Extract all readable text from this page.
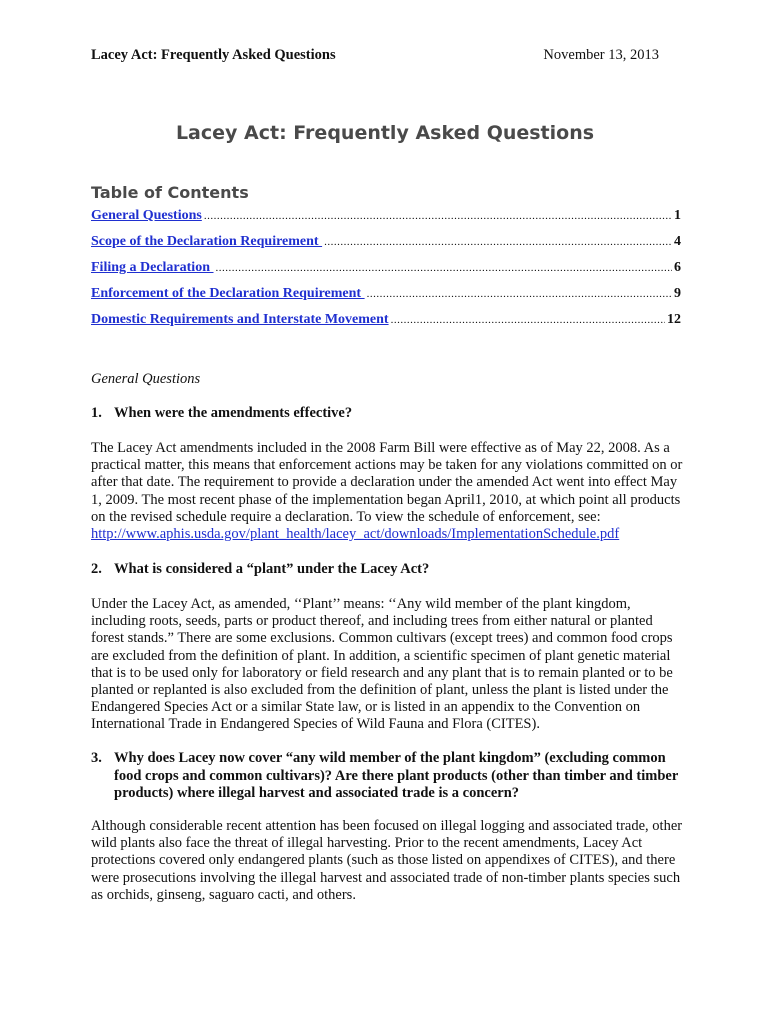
Lacey Act: Frequently Asked Questions	November 13, 2013
Lacey Act: Frequently Asked Questions
Table of Contents
General Questions .....	1
Scope of the Declaration Requirement .....	4
Filing a Declaration .....	6
Enforcement of the Declaration Requirement .....	9
Domestic Requirements and Interstate Movement .....	12
General Questions
1. When were the amendments effective?
The Lacey Act amendments included in the 2008 Farm Bill were effective as of May 22, 2008. As a practical matter, this means that enforcement actions may be taken for any violations committed on or after that date. The requirement to provide a declaration under the amended Act went into effect May 1, 2009. The most recent phase of the implementation began April1, 2010, at which point all products on the revised schedule require a declaration. To view the schedule of enforcement, see: http://www.aphis.usda.gov/plant_health/lacey_act/downloads/ImplementationSchedule.pdf
2. What is considered a “plant” under the Lacey Act?
Under the Lacey Act, as amended, ‘‘Plant’’ means: ‘‘Any wild member of the plant kingdom, including roots, seeds, parts or product thereof, and including trees from either natural or planted forest stands.” There are some exclusions. Common cultivars (except trees) and common food crops are excluded from the definition of plant. In addition, a scientific specimen of plant genetic material that is to be used only for laboratory or field research and any plant that is to remain planted or to be planted or replanted is also excluded from the definition of plant, unless the plant is listed under the Endangered Species Act or a similar State law, or is listed in an appendix to the Convention on International Trade in Endangered Species of Wild Fauna and Flora (CITES).
3. Why does Lacey now cover “any wild member of the plant kingdom” (excluding common food crops and common cultivars)? Are there plant products (other than timber and timber products) where illegal harvest and associated trade is a concern?
Although considerable recent attention has been focused on illegal logging and associated trade, other wild plants also face the threat of illegal harvesting. Prior to the recent amendments, Lacey Act protections covered only endangered plants (such as those listed on appendixes of CITES), and there were prosecutions involving the illegal harvest and associated trade of non-timber plants species such as orchids, ginseng, saguaro cacti, and others.
